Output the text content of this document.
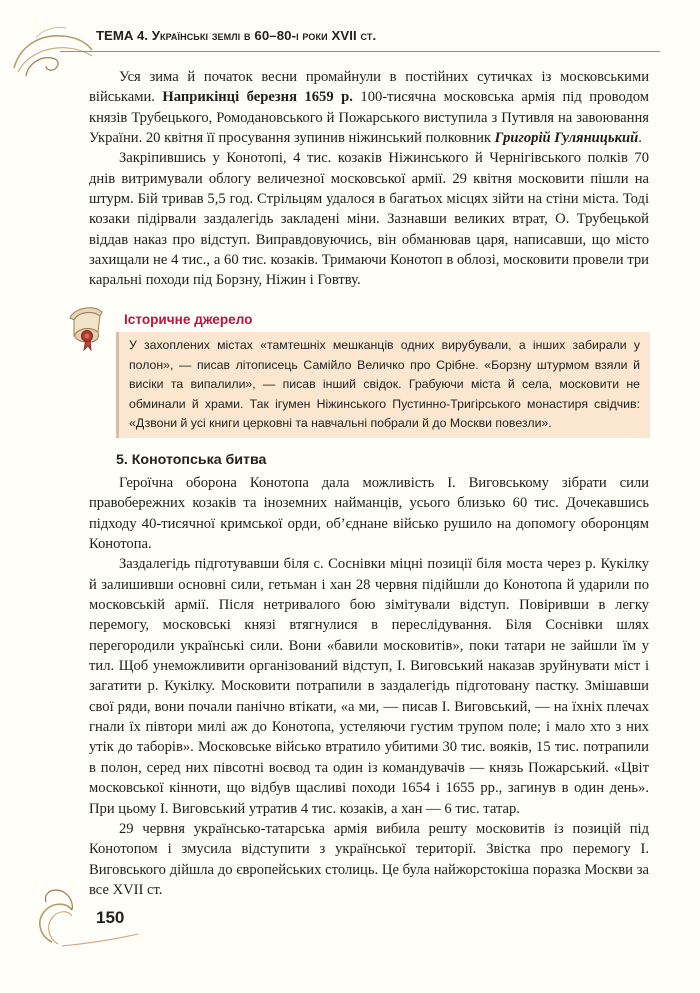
ТЕМА 4. Українські землі в 60–80-і роки XVII ст.

Уся зима й початок весни промайнули в постійних сутичках із московськими військами. Наприкінці березня 1659 р. 100-тисячна московська армія під проводом князів Трубецького, Ромодановського й Пожарського виступила з Путивля на завоювання України. 20 квітня її просування зупинив ніжинський полковник Григорій Гуляницький.

Закріпившись у Конотопі, 4 тис. козаків Ніжинського й Чернігівського полків 70 днів витримували облогу величезної московської армії. 29 квітня московити пішли на штурм. Бій тривав 5,5 год. Стрільцям удалося в багатьох місцях зійти на стіни міста. Тоді козаки підірвали заздалегідь закладені міни. Зазнавши великих втрат, О. Трубецькой віддав наказ про відступ. Виправдовуючись, він обманював царя, написавши, що місто захищали не 4 тис., а 60 тис. козаків. Тримаючи Конотоп в облозі, московити провели три каральні походи під Борзну, Ніжин і Говтву.

Історичне джерело
У захоплених містах «тамтешніх мешканців одних вирубували, а інших забирали у полон», — писав літописець Самійло Величко про Срібне. «Борзну штурмом взяли й висіки та випалили», — писав інший свідок. Грабуючи міста й села, московити не обминали й храми. Так ігумен Ніжинського Пустинно-Тригірського монастиря свідчив: «Дзвони й усі книги церковні та навчальні побрали й до Москви повезли».
5. Конотопська битва

Героїчна оборона Конотопа дала можливість І. Виговському зібрати сили правобережних козаків та іноземних найманців, усього близько 60 тис. Дочекавшись підходу 40-тисячної кримської орди, об’єднане військо рушило на допомогу оборонцям Конотопа.

Заздалегідь підготувавши біля с. Соснівки міцні позиції біля моста через р. Кукілку й залишивши основні сили, гетьман і хан 28 червня підійшли до Конотопа й ударили по московській армії. Після нетривалого бою зімітували відступ. Повіривши в легку перемогу, московські князі втягнулися в переслідування. Біля Соснівки шлях перегородили українські сили. Вони «бавили московитів», поки татари не зайшли їм у тил. Щоб унеможливити організований відступ, І. Виговський наказав зруйнувати міст і загатити р. Кукілку. Московити потрапили в заздалегідь підготовану пастку. Змішавши свої ряди, вони почали панічно втікати, «а ми, — писав І. Виговський, — на їхніх плечах гнали їх півтори милі аж до Конотопа, устеляючи густим трупом поле; і мало хто з них утік до таборів». Московське військо втратило убитими 30 тис. вояків, 15 тис. потрапили в полон, серед них півсотні воєвод та один із командувачів — князь Пожарський. «Цвіт московської кінноти, що відбув щасливі походи 1654 і 1655 рр., загинув в один день». При цьому І. Виговський утратив 4 тис. козаків, а хан — 6 тис. татар.

29 червня українсько-татарська армія вибила решту московитів із позицій під Конотопом і змусила відступити з української території. Звістка про перемогу І. Виговського дійшла до європейських столиць. Це була найжорстокіша поразка Москви за все XVII ст.

150
